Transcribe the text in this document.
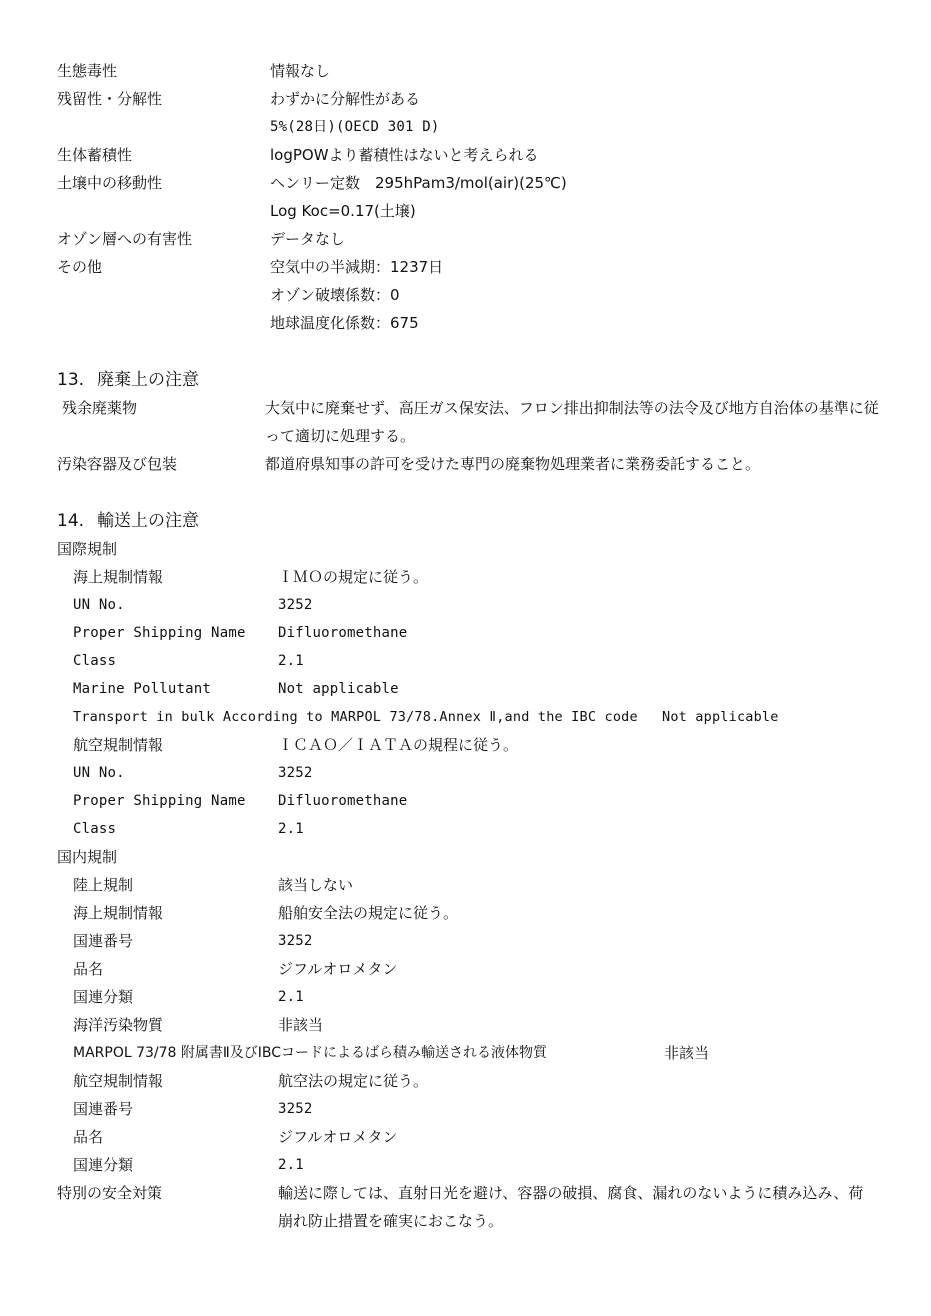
生態毒性	情報なし
残留性・分解性	わずかに分解性がある
5%(28日)(OECD 301 D)
生体蓄積性	logPOWより蓄積性はないと考えられる
土壌中の移動性	ヘンリー定数　295hPam3/mol(air)(25℃)
Log Koc=0.17(土壌)
オゾン層への有害性	データなし
その他	空気中の半減期：1237日
オゾン破壊係数：0
地球温度化係数：675
13. 廃棄上の注意
残余廃薬物	大気中に廃棄せず、高圧ガス保安法、フロン排出抑制法等の法令及び地方自治体の基準に従って適切に処理する。
汚染容器及び包装	都道府県知事の許可を受けた専門の廃棄物処理業者に業務委託すること。
14. 輸送上の注意
国際規制
海上規制情報	ＩＭＯの規定に従う。
UN No.	3252
Proper Shipping Name Difluoromethane
Class	2.1
Marine Pollutant	Not applicable
Transport in bulk According to MARPOL 73/78.Annex Ⅱ,and the IBC code Not applicable
航空規制情報	ＩＣＡＯ／ＩＡＴＡの規程に従う。
UN No.	3252
Proper Shipping Name Difluoromethane
Class	2.1
国内規制
陸上規制	該当しない
海上規制情報	船舶安全法の規定に従う。
国連番号	3252
品名	ジフルオロメタン
国連分類	2.1
海洋汚染物質	非該当
MARPOL 73/78 附属書Ⅱ及びIBCコードによるばら積み輸送される液体物質	非該当
航空規制情報	航空法の規定に従う。
国連番号	3252
品名	ジフルオロメタン
国連分類	2.1
特別の安全対策	輸送に際しては、直射日光を避け、容器の破損、腐食、漏れのないように積み込み、荷崩れ防止措置を確実におこなう。
